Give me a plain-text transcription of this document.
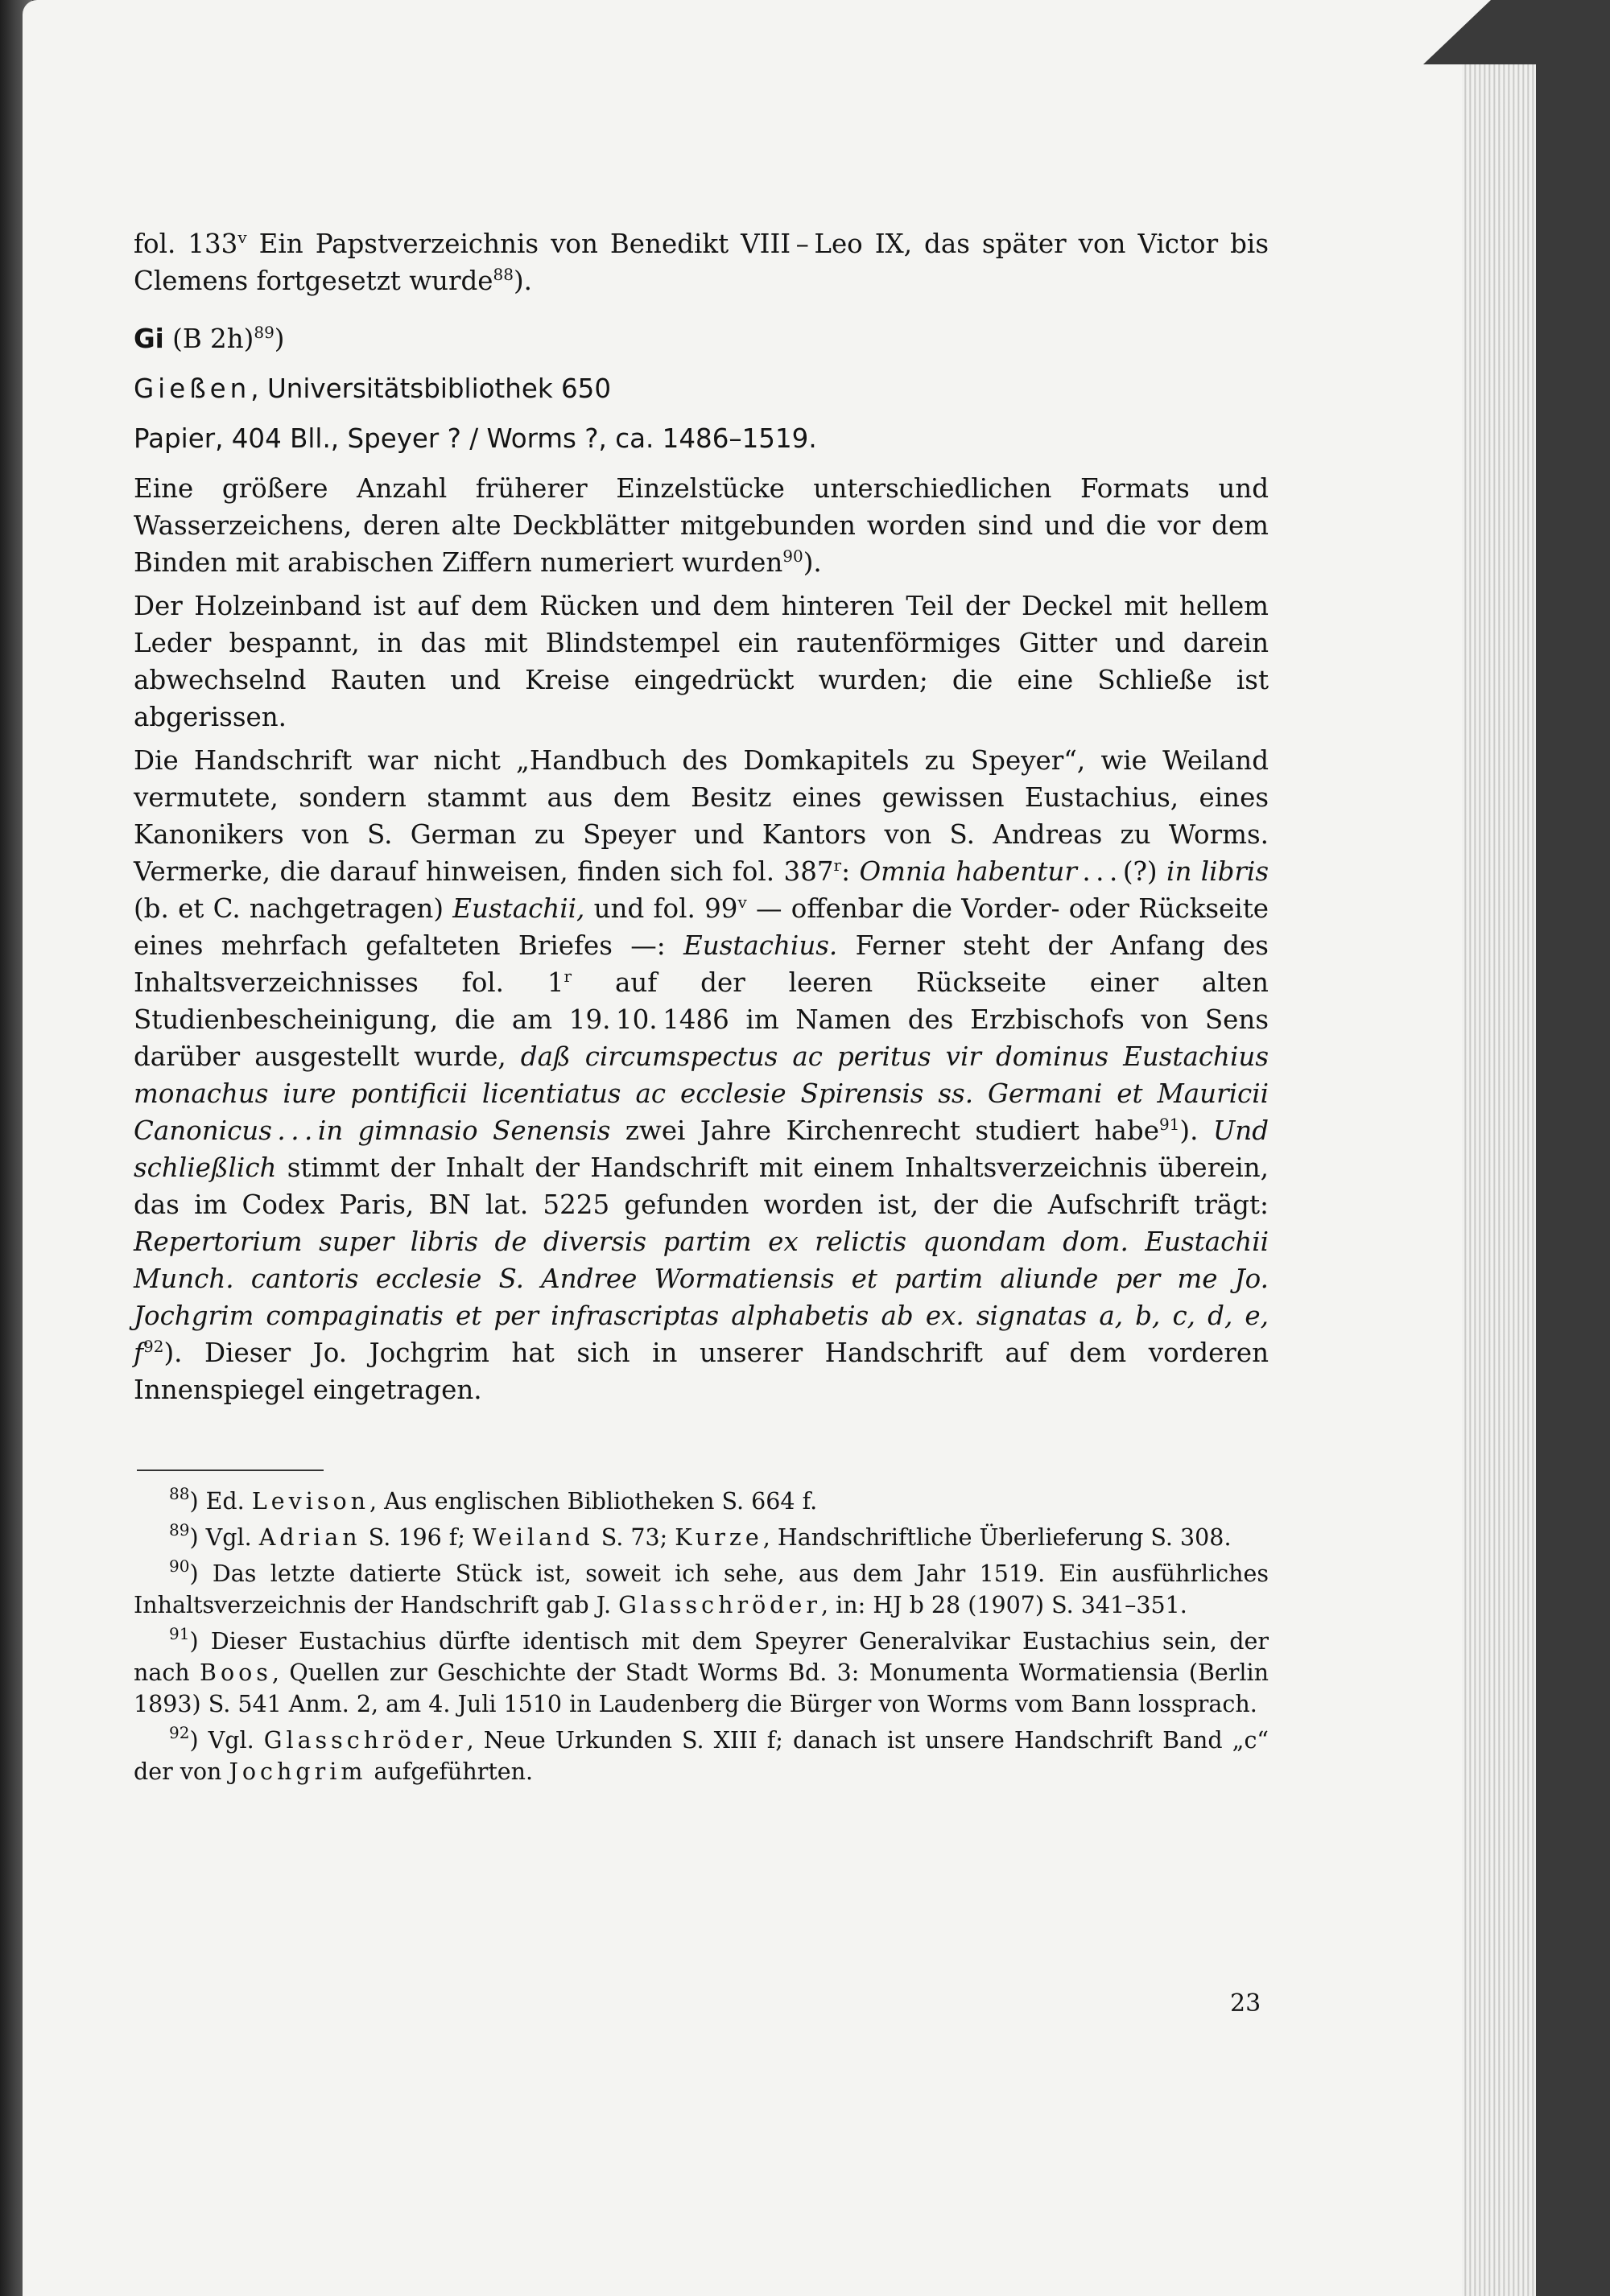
fol. 133$^v$ Ein Papstverzeichnis von Benedikt VIII – Leo IX, das später von Victor bis Clemens fortgesetzt wurde$^{88}$).

Gi (B 2h)$^{89}$)

Gießen, Universitätsbibliothek 650

Papier, 404 Bll., Speyer ? / Worms ?, ca. 1486–1519.

Eine größere Anzahl früherer Einzelstücke unterschiedlichen Formats und Wasserzeichens, deren alte Deckblätter mitgebunden worden sind und die vor dem Binden mit arabischen Ziffern numeriert wurden$^{90}$).

Der Holzeinband ist auf dem Rücken und dem hinteren Teil der Deckel mit hellem Leder bespannt, in das mit Blindstempel ein rautenförmiges Gitter und darein abwechselnd Rauten und Kreise eingedrückt wurden; die eine Schließe ist abgerissen.

Die Handschrift war nicht „Handbuch des Domkapitels zu Speyer“, wie Weiland vermutete, sondern stammt aus dem Besitz eines gewissen Eustachius, eines Kanonikers von S. German zu Speyer und Kantors von S. Andreas zu Worms. Vermerke, die darauf hinweisen, finden sich fol. 387$^r$: Omnia habentur . . . (?) in libris (b. et C. nachgetragen) Eustachii, und fol. 99$^v$ — offenbar die Vorder- oder Rückseite eines mehrfach gefalteten Briefes —: Eustachius. Ferner steht der Anfang des Inhaltsverzeichnisses fol. 1$^r$ auf der leeren Rückseite einer alten Studienbescheinigung, die am 19. 10. 1486 im Namen des Erzbischofs von Sens darüber ausgestellt wurde, daß circumspectus ac peritus vir dominus Eustachius monachus iure pontificii licentiatus ac ecclesie Spirensis ss. Germani et Mauricii Canonicus . . . in gimnasio Senensis zwei Jahre Kirchenrecht studiert habe$^{91}$). Und schließlich stimmt der Inhalt der Handschrift mit einem Inhaltsverzeichnis überein, das im Codex Paris, BN lat. 5225 gefunden worden ist, der die Aufschrift trägt: Repertorium super libris de diversis partim ex relictis quondam dom. Eustachii Munch. cantoris ecclesie S. Andree Wormatiensis et partim aliunde per me Jo. Jochgrim compaginatis et per infrascriptas alphabetis ab ex. signatas a, b, c, d, e, $f^{92}$). Dieser Jo. Jochgrim hat sich in unserer Handschrift auf dem vorderen Innenspiegel eingetragen.

$^{88}$) Ed. Levison, Aus englischen Bibliotheken S. 664 f.

$^{89}$) Vgl. Adrian S. 196 f; Weiland S. 73; Kurze, Handschriftliche Überlieferung S. 308.

$^{90}$) Das letzte datierte Stück ist, soweit ich sehe, aus dem Jahr 1519. Ein ausführliches Inhaltsverzeichnis der Handschrift gab J. Glasschröder, in: HJ b 28 (1907) S. 341–351.

$^{91}$) Dieser Eustachius dürfte identisch mit dem Speyrer Generalvikar Eustachius sein, der nach Boos, Quellen zur Geschichte der Stadt Worms Bd. 3: Monumenta Wormatiensia (Berlin 1893) S. 541 Anm. 2, am 4. Juli 1510 in Laudenberg die Bürger von Worms vom Bann lossprach.

$^{92}$) Vgl. Glasschröder, Neue Urkunden S. XIII f; danach ist unsere Handschrift Band „c“ der von Jochgrim aufgeführten.

23
